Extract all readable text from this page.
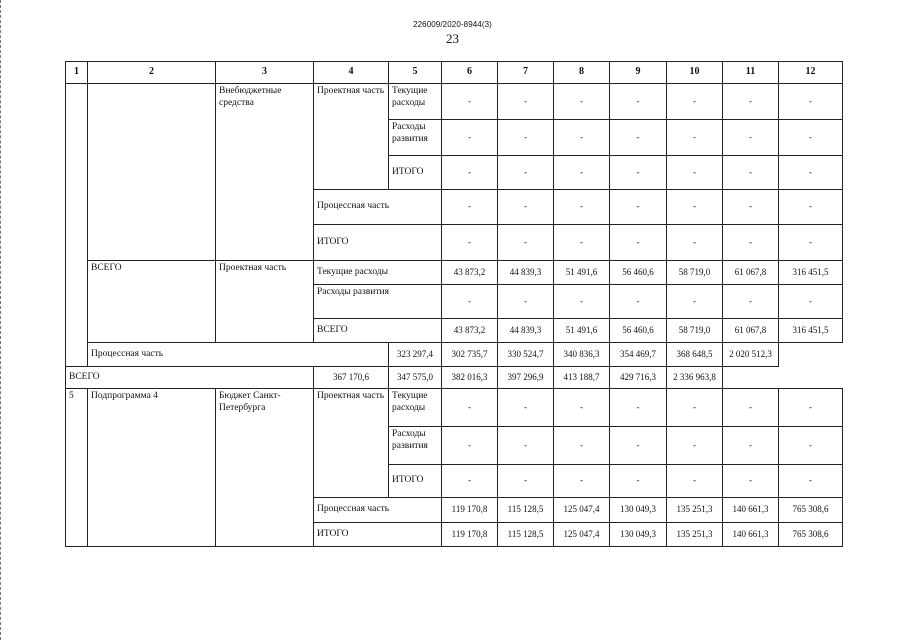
226009/2020-8944(3)
23
1	2	3	4	5	6	7	8	9	10	11	12
		Внебюджетные средства	Проектная часть	Текущие расходы	-	-	-	-	-	-	-
Расходы развития	-	-	-	-	-	-	-
ИТОГО	-	-	-	-	-	-	-
Процессная часть	-	-	-	-	-	-	-
ИТОГО	-	-	-	-	-	-	-
ВСЕГО	Проектная часть	Текущие расходы	43 873,2	44 839,3	51 491,6	56 460,6	58 719,0	61 067,8	316 451,5
Расходы развития	-	-	-	-	-	-	-
ВСЕГО	43 873,2	44 839,3	51 491,6	56 460,6	58 719,0	61 067,8	316 451,5
Процессная часть	323 297,4	302 735,7	330 524,7	340 836,3	354 469,7	368 648,5	2 020 512,3
ВСЕГО	367 170,6	347 575,0	382 016,3	397 296,9	413 188,7	429 716,3	2 336 963,8
5	Подпрограмма 4	Бюджет Санкт-Петербурга	Проектная часть	Текущие расходы	-	-	-	-	-	-	-
Расходы развития	-	-	-	-	-	-	-
ИТОГО	-	-	-	-	-	-	-
Процессная часть	119 170,8	115 128,5	125 047,4	130 049,3	135 251,3	140 661,3	765 308,6
ИТОГО	119 170,8	115 128,5	125 047,4	130 049,3	135 251,3	140 661,3	765 308,6
